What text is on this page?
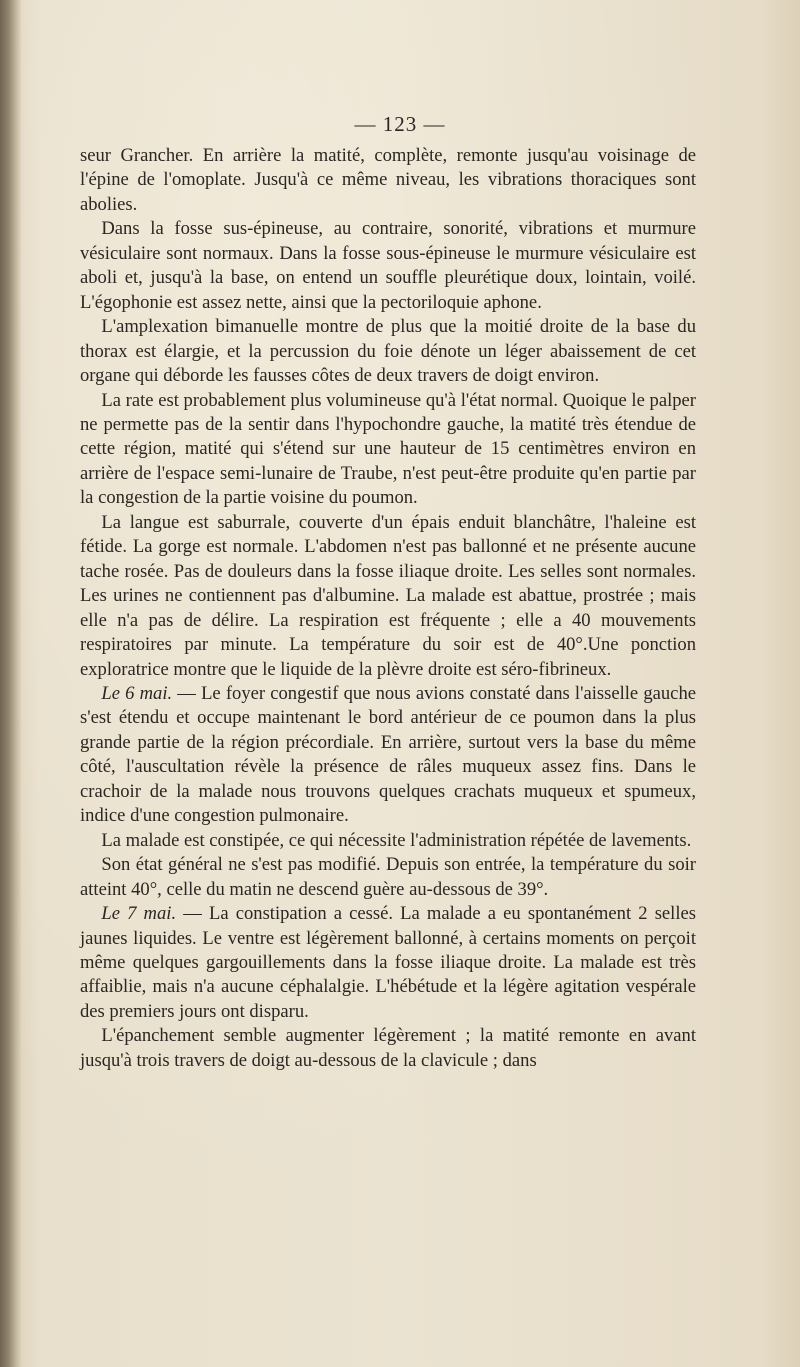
— 123 —

seur Grancher. En arrière la matité, complète, remonte jusqu'au voisinage de l'épine de l'omoplate. Jusqu'à ce même niveau, les vibrations thoraciques sont abolies.

Dans la fosse sus-épineuse, au contraire, sonorité, vibrations et murmure vésiculaire sont normaux. Dans la fosse sous-épineuse le murmure vésiculaire est aboli et, jusqu'à la base, on entend un souffle pleurétique doux, lointain, voilé. L'égophonie est assez nette, ainsi que la pectoriloquie aphone.

L'amplexation bimanuelle montre de plus que la moitié droite de la base du thorax est élargie, et la percussion du foie dénote un léger abaissement de cet organe qui déborde les fausses côtes de deux travers de doigt environ.

La rate est probablement plus volumineuse qu'à l'état normal. Quoique le palper ne permette pas de la sentir dans l'hypochondre gauche, la matité très étendue de cette région, matité qui s'étend sur une hauteur de 15 centimètres environ en arrière de l'espace semi-lunaire de Traube, n'est peut-être produite qu'en partie par la congestion de la partie voisine du poumon.

La langue est saburrale, couverte d'un épais enduit blanchâtre, l'haleine est fétide. La gorge est normale. L'abdomen n'est pas ballonné et ne présente aucune tache rosée. Pas de douleurs dans la fosse iliaque droite. Les selles sont normales. Les urines ne contiennent pas d'albumine. La malade est abattue, prostrée ; mais elle n'a pas de délire. La respiration est fréquente ; elle a 40 mouvements respiratoires par minute. La température du soir est de 40°.Une ponction exploratrice montre que le liquide de la plèvre droite est séro-fibrineux.

Le 6 mai. — Le foyer congestif que nous avions constaté dans l'aisselle gauche s'est étendu et occupe maintenant le bord antérieur de ce poumon dans la plus grande partie de la région précordiale. En arrière, surtout vers la base du même côté, l'auscultation révèle la présence de râles muqueux assez fins. Dans le crachoir de la malade nous trouvons quelques crachats muqueux et spumeux, indice d'une congestion pulmonaire.

La malade est constipée, ce qui nécessite l'administration répétée de lavements.

Son état général ne s'est pas modifié. Depuis son entrée, la température du soir atteint 40°, celle du matin ne descend guère au-dessous de 39°.

Le 7 mai. — La constipation a cessé. La malade a eu spontanément 2 selles jaunes liquides. Le ventre est légèrement ballonné, à certains moments on perçoit même quelques gargouillements dans la fosse iliaque droite. La malade est très affaiblie, mais n'a aucune céphalalgie. L'hébétude et la légère agitation vespérale des premiers jours ont disparu.

L'épanchement semble augmenter légèrement ; la matité remonte en avant jusqu'à trois travers de doigt au-dessous de la clavicule ; dans
